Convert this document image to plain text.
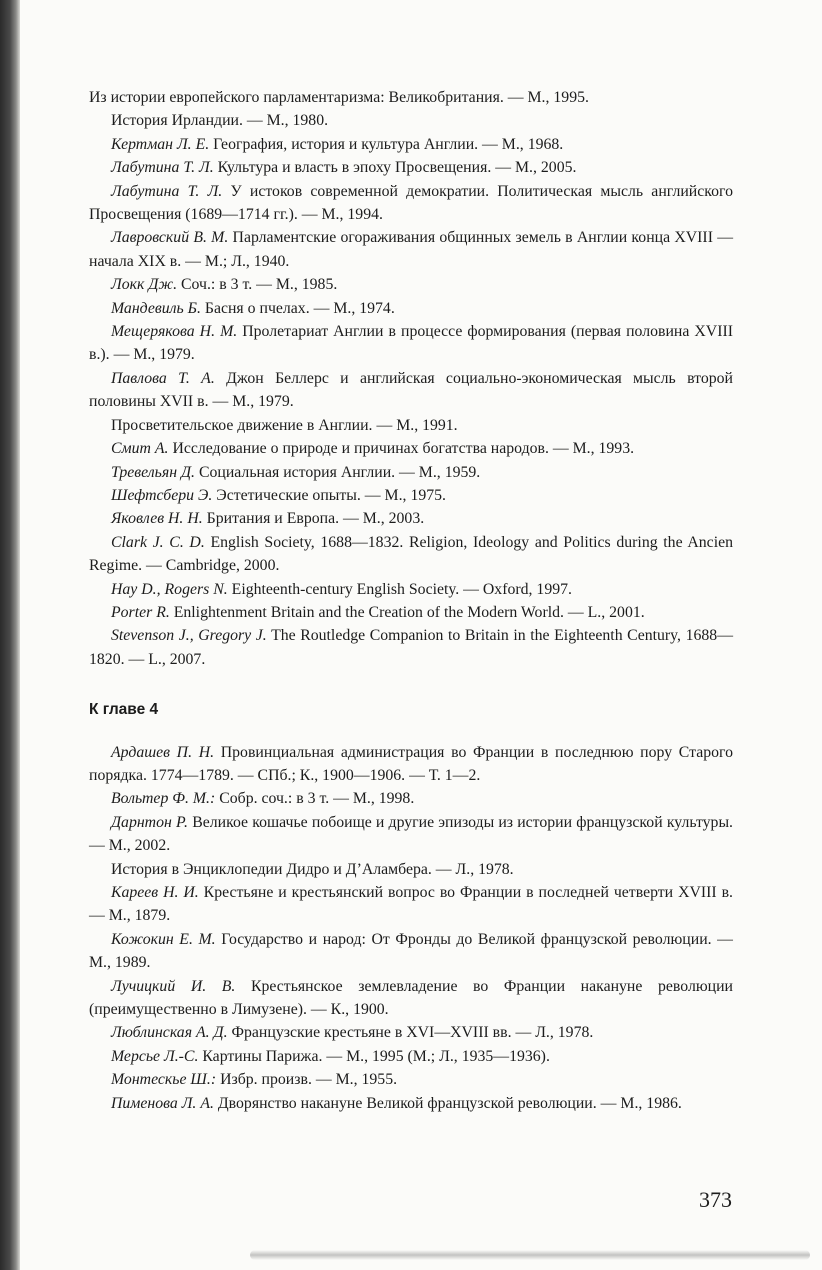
Из истории европейского парламентаризма: Великобритания. — М., 1995.

История Ирландии. — М., 1980.

Кертман Л. Е. География, история и культура Англии. — М., 1968.

Лабутина Т. Л. Культура и власть в эпоху Просвещения. — М., 2005.

Лабутина Т. Л. У истоков современной демократии. Политическая мысль английского Просвещения (1689—1714 гг.). — М., 1994.

Лавровский В. М. Парламентские огораживания общинных земель в Англии конца XVIII — начала XIX в. — М.; Л., 1940.

Локк Дж. Соч.: в 3 т. — М., 1985.

Мандевиль Б. Басня о пчелах. — М., 1974.

Мещерякова Н. М. Пролетариат Англии в процессе формирования (первая половина XVIII в.). — М., 1979.

Павлова Т. А. Джон Беллерс и английская социально-экономическая мысль второй половины XVII в. — М., 1979.

Просветительское движение в Англии. — М., 1991.

Смит А. Исследование о природе и причинах богатства народов. — М., 1993.

Тревельян Д. Социальная история Англии. — М., 1959.

Шефтсбери Э. Эстетические опыты. — М., 1975.

Яковлев Н. Н. Британия и Европа. — М., 2003.

Clark J. C. D. English Society, 1688—1832. Religion, Ideology and Politics during the Ancien Regime. — Cambridge, 2000.

Hay D., Rogers N. Eighteenth-century English Society. — Oxford, 1997.

Porter R. Enlightenment Britain and the Creation of the Modern World. — L., 2001.

Stevenson J., Gregory J. The Routledge Companion to Britain in the Eighteenth Century, 1688—1820. — L., 2007.

К главе 4

Ардашев П. Н. Провинциальная администрация во Франции в последнюю пору Старого порядка. 1774—1789. — СПб.; К., 1900—1906. — Т. 1—2.

Вольтер Ф. М.: Собр. соч.: в 3 т. — М., 1998.

Дарнтон Р. Великое кошачье побоище и другие эпизоды из истории французской культуры. — М., 2002.

История в Энциклопедии Дидро и Д’Аламбера. — Л., 1978.

Кареев Н. И. Крестьяне и крестьянский вопрос во Франции в последней четверти XVIII в. — М., 1879.

Кожокин Е. М. Государство и народ: От Фронды до Великой французской революции. — М., 1989.

Лучицкий И. В. Крестьянское землевладение во Франции накануне революции (преимущественно в Лимузене). — К., 1900.

Люблинская А. Д. Французские крестьяне в XVI—XVIII вв. — Л., 1978.

Мерсье Л.-С. Картины Парижа. — М., 1995 (М.; Л., 1935—1936).

Монтескье Ш.: Избр. произв. — М., 1955.

Пименова Л. А. Дворянство накануне Великой французской революции. — М., 1986.

373
